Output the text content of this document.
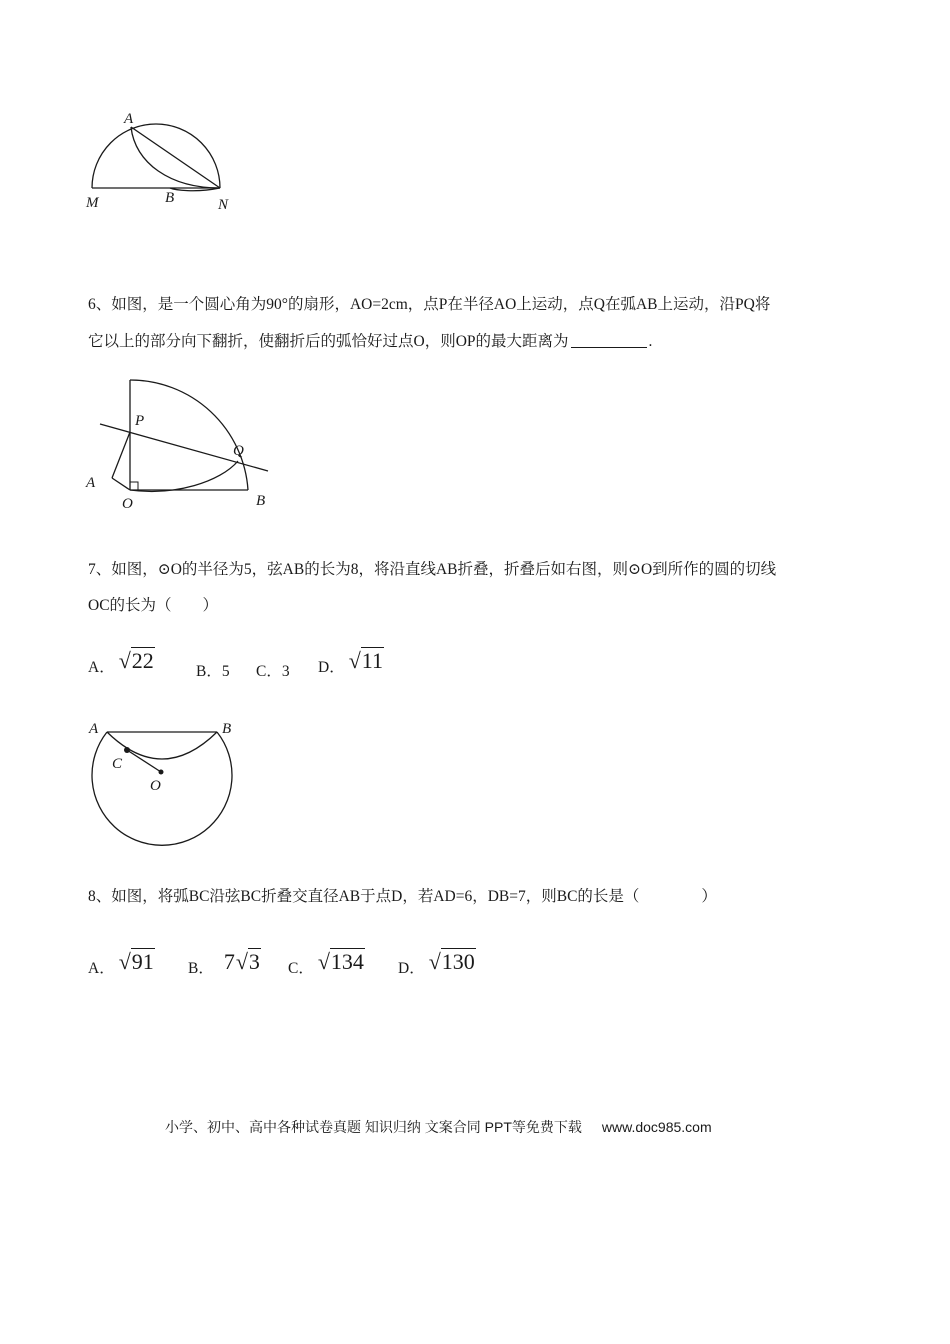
A
M	B	N
6、如图，是一个圆心角为90°的扇形，AO=2cm，点P在半径AO上运动，点Q在弧AB上运动，沿PQ将
它以上的部分向下翻折，使翻折后的弧恰好过点O，则OP的最大距离为	.
P
Q
A
O	B
7、如图，⊙O的半径为5，弦AB的长为8，将沿直线AB折叠，折叠后如右图，则⊙O到所作的圆的切线
OC的长为（　　）
A． √22	B．5 C．3 D． √11
A	B
C
O
8、如图，将弧BC沿弦BC折叠交直径AB于点D，若AD=6，DB=7，则BC的长是（　　　　）
A． √91 B． 7√3 C． √134 D． √130
小学、初中、高中各种试卷真题 知识归纳 文案合同 PPT等免费下载 www.doc985.com
